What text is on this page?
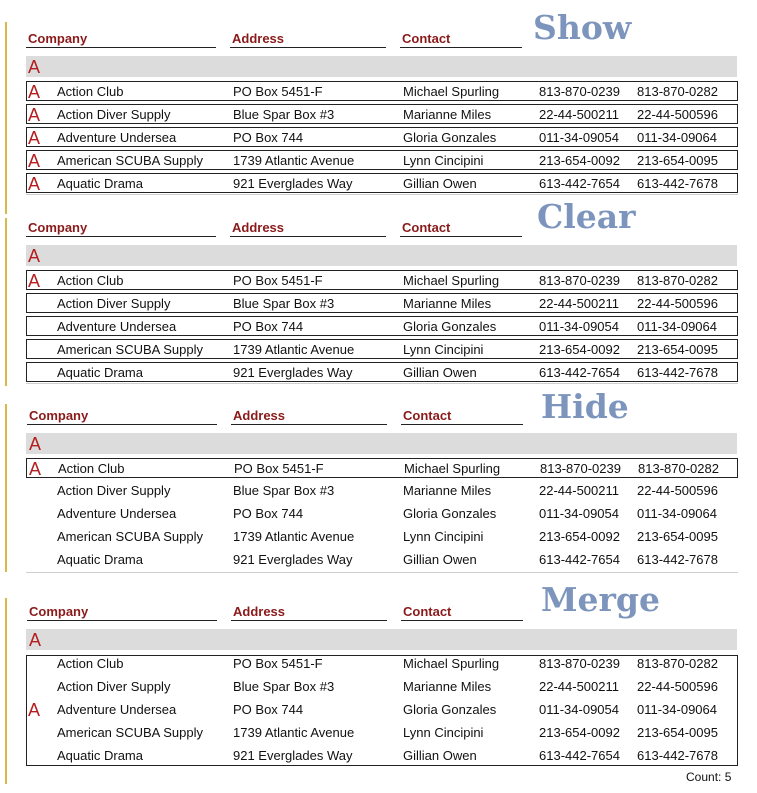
Show
Company	Address	Contact
A
A Action Club	PO Box 5451-F	Michael Spurling	813-870-0239 813-870-0282
A Action Diver Supply	Blue Spar Box #3	Marianne Miles	22-44-500211 22-44-500596
A Adventure Undersea	PO Box 744	Gloria Gonzales	011-34-09054 011-34-09064
A American SCUBA Supply 1739 Atlantic Avenue	Lynn Cincipini	213-654-0092 213-654-0095
A Aquatic Drama	921 Everglades Way	Gillian Owen	613-442-7654 613-442-7678
Clear
Company	Address	Contact
A
A Action Club	PO Box 5451-F	Michael Spurling	813-870-0239 813-870-0282
Action Diver Supply	Blue Spar Box #3	Marianne Miles	22-44-500211 22-44-500596
Adventure Undersea	PO Box 744	Gloria Gonzales	011-34-09054 011-34-09064
American SCUBA Supply 1739 Atlantic Avenue	Lynn Cincipini	213-654-0092 213-654-0095
Aquatic Drama	921 Everglades Way	Gillian Owen	613-442-7654 613-442-7678
Hide
Company	Address	Contact
A
A Action Club	PO Box 5451-F	Michael Spurling	813-870-0239 813-870-0282
Action Diver Supply	Blue Spar Box #3	Marianne Miles	22-44-500211 22-44-500596
Adventure Undersea	PO Box 744	Gloria Gonzales	011-34-09054 011-34-09064
American SCUBA Supply 1739 Atlantic Avenue	Lynn Cincipini	213-654-0092 213-654-0095
Aquatic Drama	921 Everglades Way	Gillian Owen	613-442-7654 613-442-7678
Merge
Company	Address	Contact
A
Action Club	PO Box 5451-F	Michael Spurling	813-870-0239 813-870-0282
Action Diver Supply	Blue Spar Box #3	Marianne Miles	22-44-500211 22-44-500596
A Adventure Undersea	PO Box 744	Gloria Gonzales	011-34-09054 011-34-09064
American SCUBA Supply 1739 Atlantic Avenue	Lynn Cincipini	213-654-0092 213-654-0095
Aquatic Drama	921 Everglades Way	Gillian Owen	613-442-7654 613-442-7678
Count: 5
